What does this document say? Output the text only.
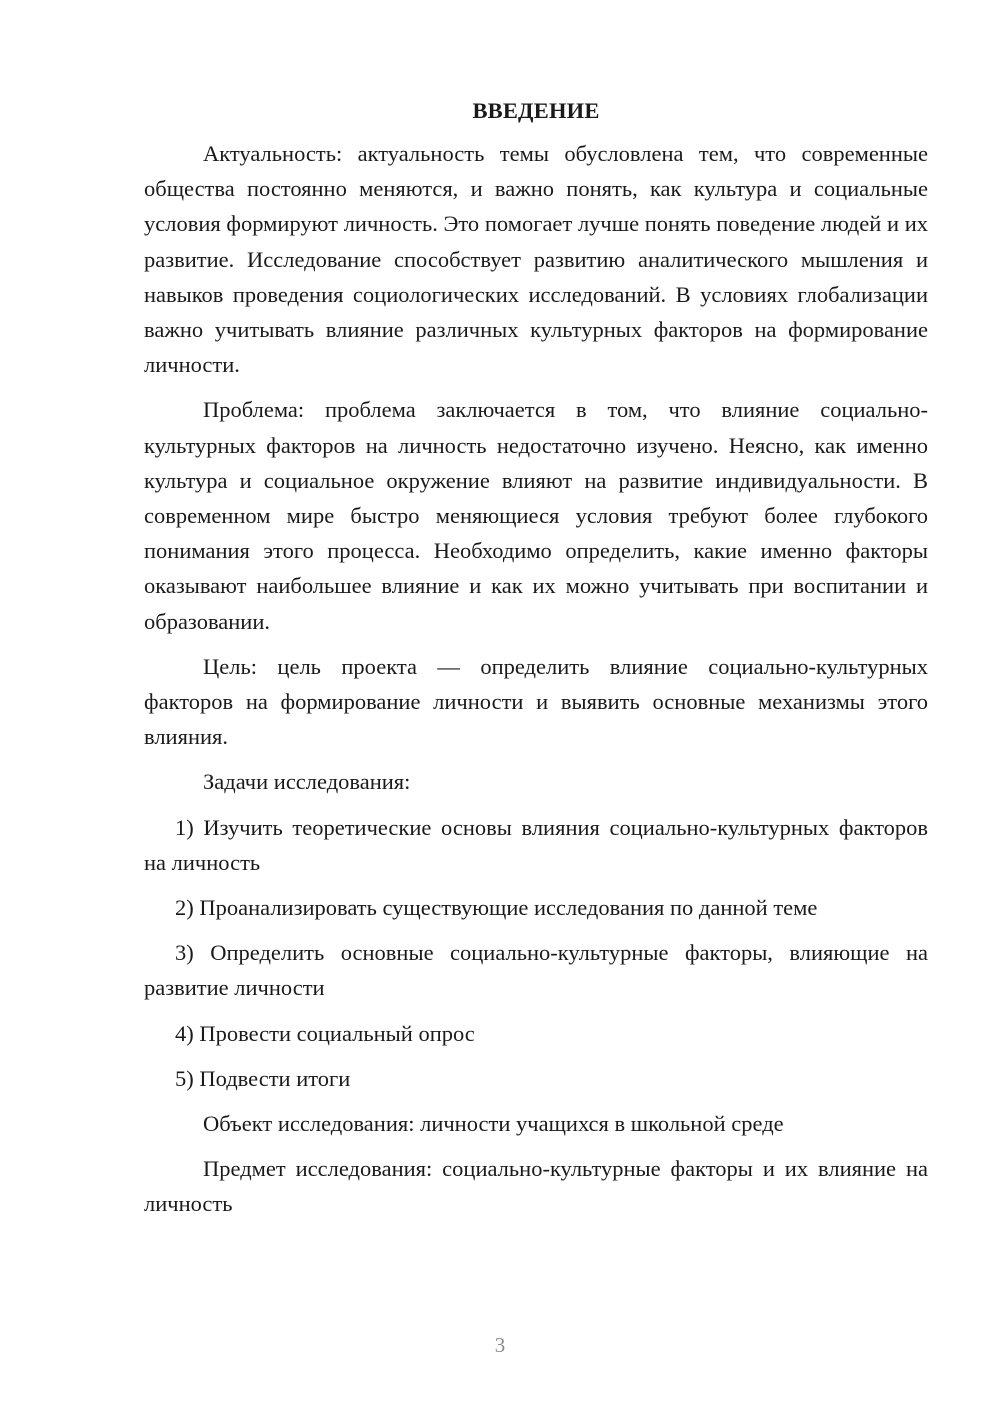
ВВЕДЕНИЕ

Актуальность: актуальность темы обусловлена тем, что современные общества постоянно меняются, и важно понять, как культура и социальные условия формируют личность. Это помогает лучше понять поведение людей и их развитие. Исследование способствует развитию аналитического мышления и навыков проведения социологических исследований. В условиях глобализации важно учитывать влияние различных культурных факторов на формирование личности.

Проблема: проблема заключается в том, что влияние социально-культурных факторов на личность недостаточно изучено. Неясно, как именно культура и социальное окружение влияют на развитие индивидуальности. В современном мире быстро меняющиеся условия требуют более глубокого понимания этого процесса. Необходимо определить, какие именно факторы оказывают наибольшее влияние и как их можно учитывать при воспитании и образовании.

Цель: цель проекта — определить влияние социально-культурных факторов на формирование личности и выявить основные механизмы этого влияния.

Задачи исследования:

1) Изучить теоретические основы влияния социально-культурных факторов на личность

2) Проанализировать существующие исследования по данной теме

3) Определить основные социально-культурные факторы, влияющие на развитие личности

4) Провести социальный опрос

5) Подвести итоги

Объект исследования: личности учащихся в школьной среде

Предмет исследования: социально-культурные факторы и их влияние на личность

3
